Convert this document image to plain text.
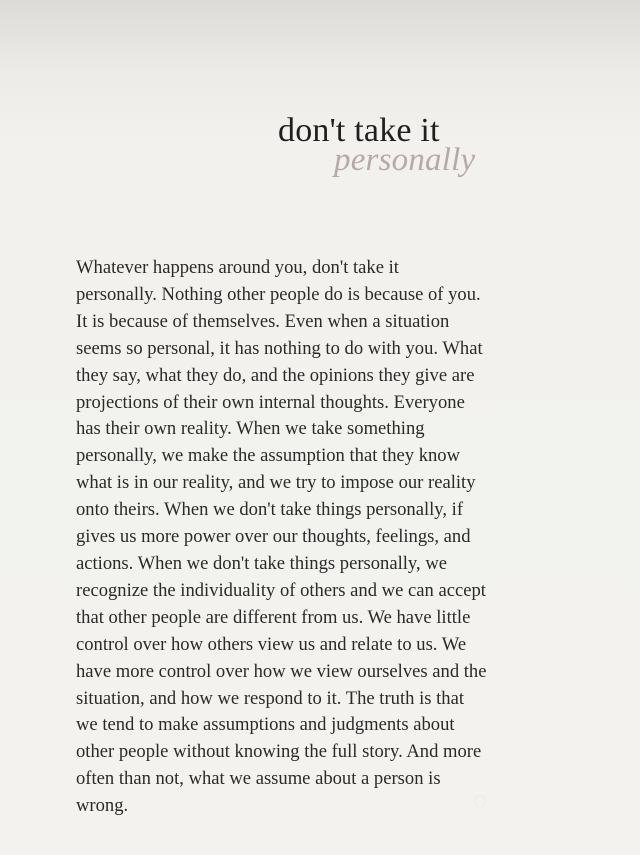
don't take it
personally

Whatever happens around you, don't take it
personally. Nothing other people do is because of you.
It is because of themselves. Even when a situation
seems so personal, it has nothing to do with you. What
they say, what they do, and the opinions they give are
projections of their own internal thoughts. Everyone
has their own reality. When we take something
personally, we make the assumption that they know
what is in our reality, and we try to impose our reality
onto theirs. When we don't take things personally, if
gives us more power over our thoughts, feelings, and
actions. When we don't take things personally, we
recognize the individuality of others and we can accept
that other people are different from us. We have little
control over how others view us and relate to us. We
have more control over how we view ourselves and the
situation, and how we respond to it. The truth is that
we tend to make assumptions and judgments about
other people without knowing the full story. And more
often than not, what we assume about a person is
wrong.
